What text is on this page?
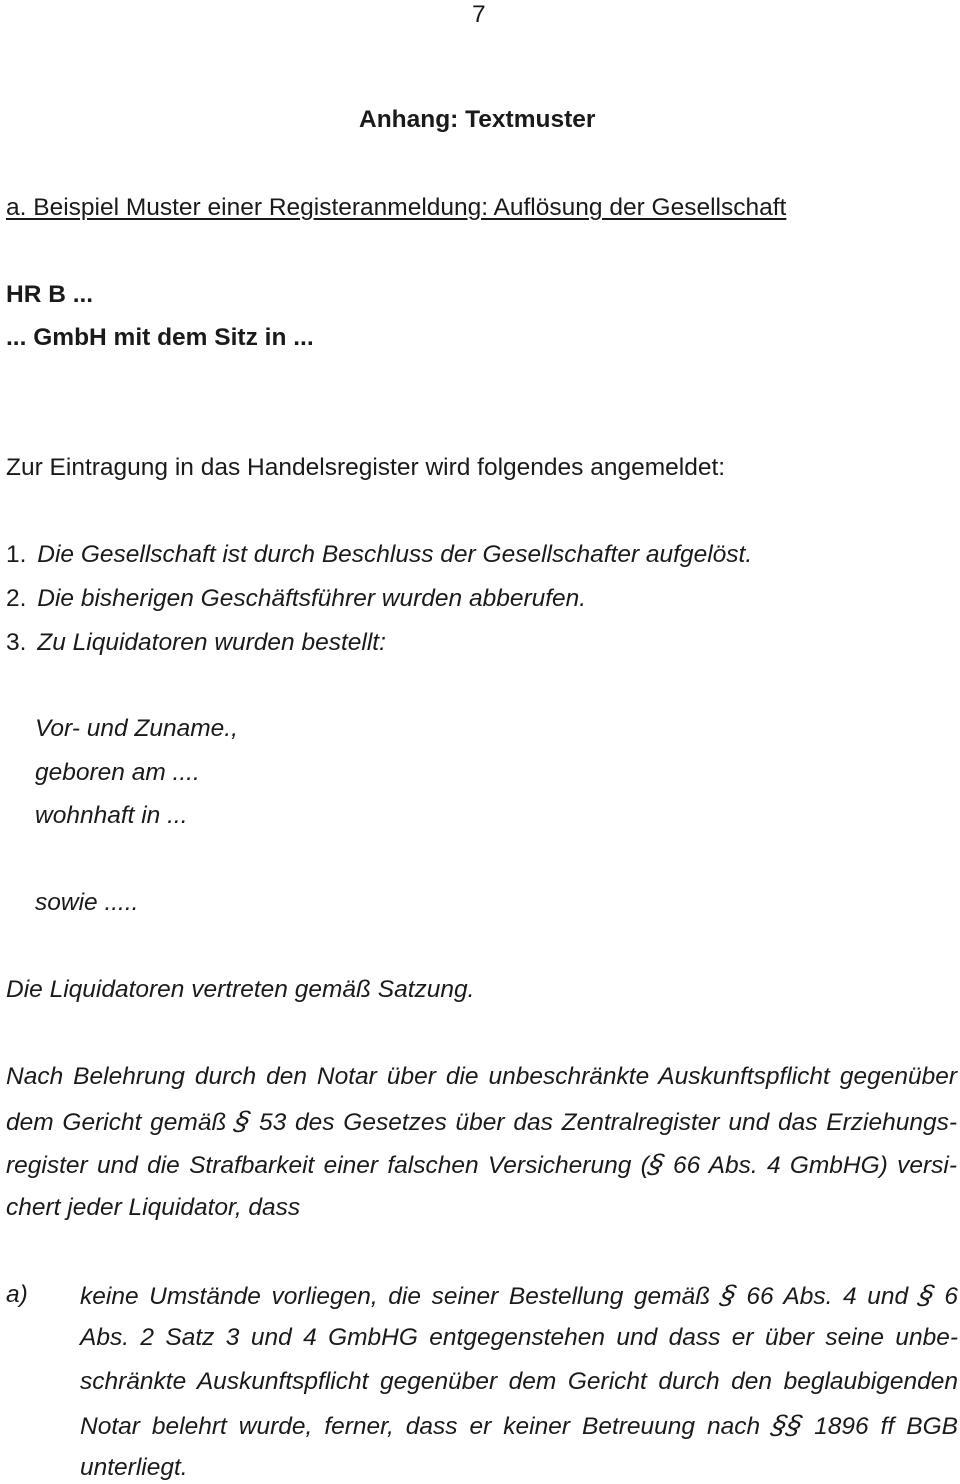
7
Anhang: Textmuster
a. Beispiel Muster einer Registeranmeldung: Auflösung der Gesellschaft
HR B ...
... GmbH mit dem Sitz in ...
Zur Eintragung in das Handelsregister wird folgendes angemeldet:
1. Die Gesellschaft ist durch Beschluss der Gesellschafter aufgelöst.
2. Die bisherigen Geschäftsführer wurden abberufen.
3. Zu Liquidatoren wurden bestellt:
Vor- und Zuname.,
geboren am ....
wohnhaft in ...
sowie .....
Die Liquidatoren vertreten gemäß Satzung.
Nach Belehrung durch den Notar über die unbeschränkte Auskunftspflicht gegenüber
dem Gericht gemäß § 53 des Gesetzes über das Zentralregister und das Erziehungs-
register und die Strafbarkeit einer falschen Versicherung (§ 66 Abs. 4 GmbHG) versi-
chert jeder Liquidator, dass
a) keine Umstände vorliegen, die seiner Bestellung gemäß § 66 Abs. 4 und § 6
Abs. 2 Satz 3 und 4 GmbHG entgegenstehen und dass er über seine unbe-
schränkte Auskunftspflicht gegenüber dem Gericht durch den beglaubigenden
Notar belehrt wurde, ferner, dass er keiner Betreuung nach §§ 1896 ff BGB
unterliegt.
